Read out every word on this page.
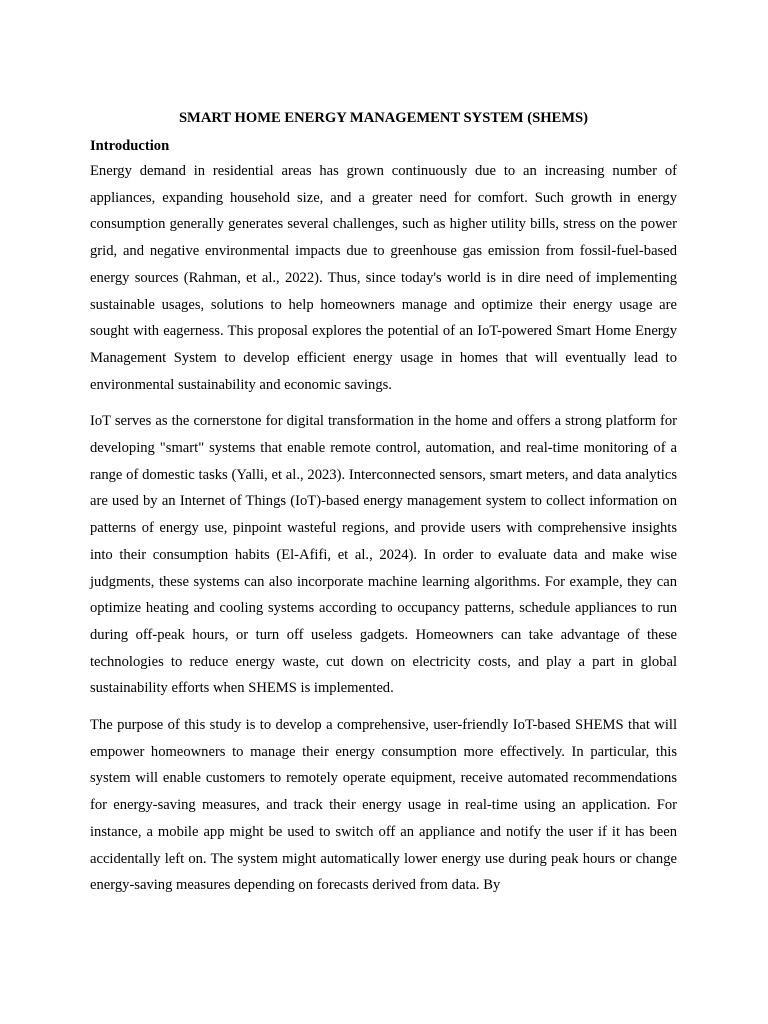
SMART HOME ENERGY MANAGEMENT SYSTEM (SHEMS)
Introduction

Energy demand in residential areas has grown continuously due to an increasing number of appliances, expanding household size, and a greater need for comfort. Such growth in energy consumption generally generates several challenges, such as higher utility bills, stress on the power grid, and negative environmental impacts due to greenhouse gas emission from fossil-fuel-based energy sources (Rahman, et al., 2022). Thus, since today's world is in dire need of implementing sustainable usages, solutions to help homeowners manage and optimize their energy usage are sought with eagerness. This proposal explores the potential of an IoT-powered Smart Home Energy Management System to develop efficient energy usage in homes that will eventually lead to environmental sustainability and economic savings.

IoT serves as the cornerstone for digital transformation in the home and offers a strong platform for developing "smart" systems that enable remote control, automation, and real-time monitoring of a range of domestic tasks (Yalli, et al., 2023). Interconnected sensors, smart meters, and data analytics are used by an Internet of Things (IoT)-based energy management system to collect information on patterns of energy use, pinpoint wasteful regions, and provide users with comprehensive insights into their consumption habits (El-Afifi, et al., 2024). In order to evaluate data and make wise judgments, these systems can also incorporate machine learning algorithms. For example, they can optimize heating and cooling systems according to occupancy patterns, schedule appliances to run during off-peak hours, or turn off useless gadgets. Homeowners can take advantage of these technologies to reduce energy waste, cut down on electricity costs, and play a part in global sustainability efforts when SHEMS is implemented.

The purpose of this study is to develop a comprehensive, user-friendly IoT-based SHEMS that will empower homeowners to manage their energy consumption more effectively. In particular, this system will enable customers to remotely operate equipment, receive automated recommendations for energy-saving measures, and track their energy usage in real-time using an application. For instance, a mobile app might be used to switch off an appliance and notify the user if it has been accidentally left on. The system might automatically lower energy use during peak hours or change energy-saving measures depending on forecasts derived from data. By
